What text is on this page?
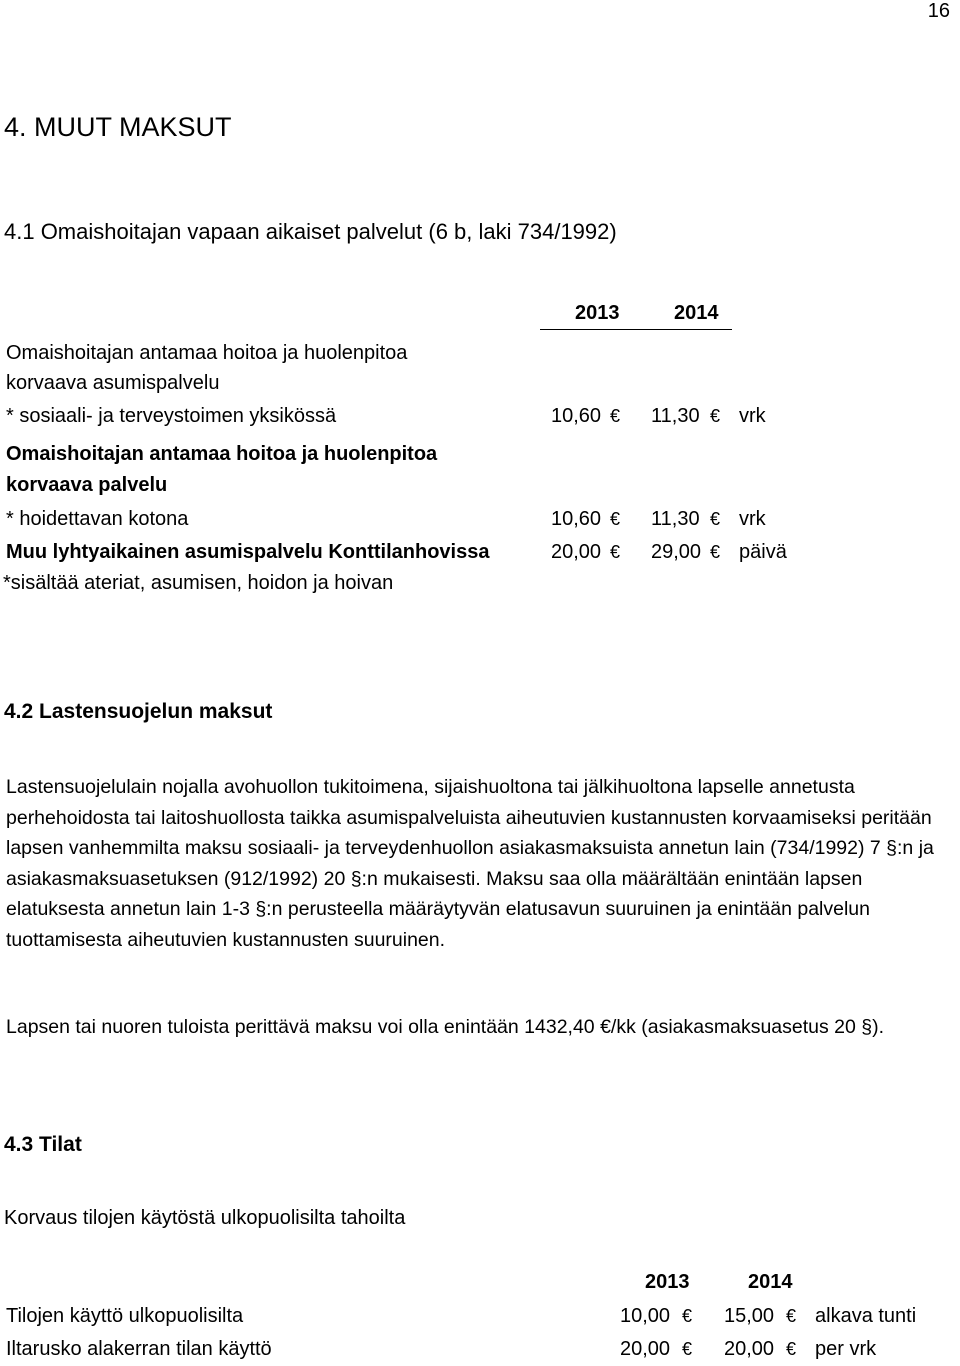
16
4. MUUT MAKSUT
4.1 Omaishoitajan vapaan aikaiset palvelut (6 b, laki 734/1992)
2013	2014
Omaishoitajan antamaa hoitoa ja huolenpitoa
korvaava asumispalvelu
* sosiaali- ja terveystoimen yksikössä	10,60 € 11,30 € vrk
Omaishoitajan antamaa hoitoa ja huolenpitoa
korvaava palvelu
* hoidettavan kotona	10,60 € 11,30 € vrk
Muu lyhtyaikainen asumispalvelu Konttilanhovissa	20,00 € 29,00 € päivä
*sisältää ateriat, asumisen, hoidon ja hoivan
4.2 Lastensuojelun maksut
Lastensuojelulain nojalla avohuollon tukitoimena, sijaishuoltona tai jälkihuoltona lapselle annetusta perhehoidosta tai laitoshuollosta taikka asumispalveluista aiheutuvien kustannusten korvaamiseksi peritään lapsen vanhemmilta maksu sosiaali- ja terveydenhuollon asiakasmaksuista annetun lain (734/1992) 7 §:n ja asiakasmaksuasetuksen (912/1992) 20 §:n mukaisesti. Maksu saa olla määrältään enintään lapsen elatuksesta annetun lain 1-3 §:n perusteella määräytyvän elatusavun suuruinen ja enintään palvelun tuottamisesta aiheutuvien kustannusten suuruinen.
Lapsen tai nuoren tuloista perittävä maksu voi olla enintään 1432,40 €/kk (asiakasmaksuasetus 20 §).
4.3 Tilat
Korvaus tilojen käytöstä ulkopuolisilta tahoilta
2013	2014
Tilojen käyttö ulkopuolisilta	10,00 € 15,00 € alkava tunti
Iltarusko alakerran tilan käyttö	20,00 € 20,00 € per vrk
